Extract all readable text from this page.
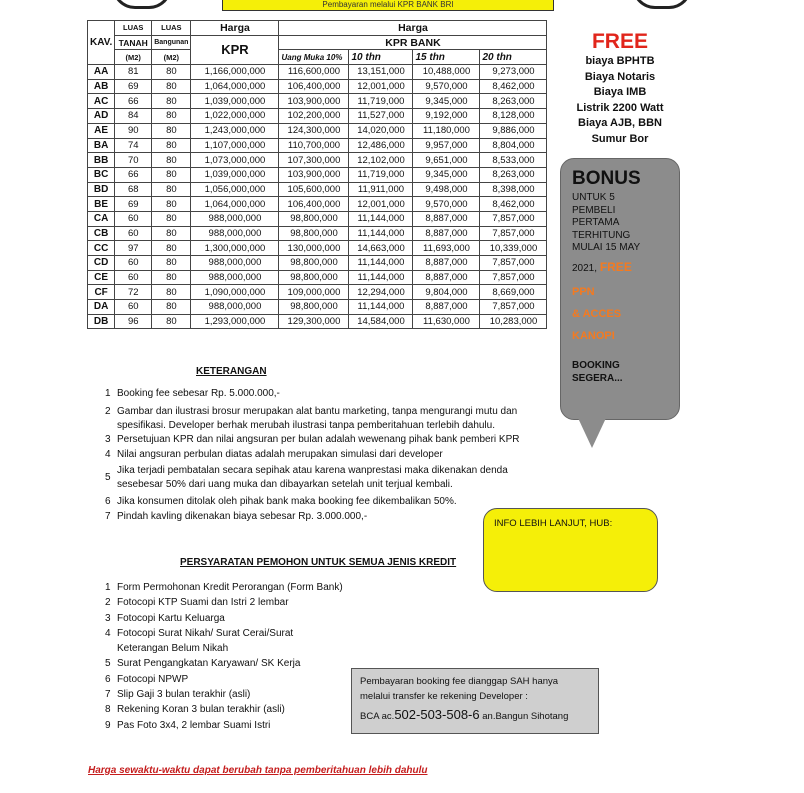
Pembayaran melalui KPR BANK BRI
KAV.	LUAS	LUAS	Harga	Harga			
	TANAH	Bangunan	KPR	KPR BANK			
	(M2)	(M2)		Uang Muka 10%	10 thn	15 thn	20 thn
AA	81	80	1,166,000,000	116,600,000	13,151,000	10,488,000	9,273,000
AB	69	80	1,064,000,000	106,400,000	12,001,000	9,570,000	8,462,000
AC	66	80	1,039,000,000	103,900,000	11,719,000	9,345,000	8,263,000
AD	84	80	1,022,000,000	102,200,000	11,527,000	9,192,000	8,128,000
AE	90	80	1,243,000,000	124,300,000	14,020,000	11,180,000	9,886,000
BA	74	80	1,107,000,000	110,700,000	12,486,000	9,957,000	8,804,000
BB	70	80	1,073,000,000	107,300,000	12,102,000	9,651,000	8,533,000
BC	66	80	1,039,000,000	103,900,000	11,719,000	9,345,000	8,263,000
BD	68	80	1,056,000,000	105,600,000	11,911,000	9,498,000	8,398,000
BE	69	80	1,064,000,000	106,400,000	12,001,000	9,570,000	8,462,000
CA	60	80	988,000,000	98,800,000	11,144,000	8,887,000	7,857,000
CB	60	80	988,000,000	98,800,000	11,144,000	8,887,000	7,857,000
CC	97	80	1,300,000,000	130,000,000	14,663,000	11,693,000	10,339,000
CD	60	80	988,000,000	98,800,000	11,144,000	8,887,000	7,857,000
CE	60	80	988,000,000	98,800,000	11,144,000	8,887,000	7,857,000
CF	72	80	1,090,000,000	109,000,000	12,294,000	9,804,000	8,669,000
DA	60	80	988,000,000	98,800,000	11,144,000	8,887,000	7,857,000
DB	96	80	1,293,000,000	129,300,000	14,584,000	11,630,000	10,283,000
FREE
biaya BPHTB
Biaya Notaris
Biaya IMB
Listrik 2200 Watt
Biaya AJB, BBN
Sumur Bor
BONUS
UNTUK 5
PEMBELI
PERTAMA
TERHITUNG
MULAI 15 MAY
2021, FREE
PPN
& ACCES
KANOPI
BOOKING
SEGERA...
KETERANGAN
1 Booking fee sebesar Rp. 5.000.000,-
2 Gambar dan ilustrasi brosur merupakan alat bantu marketing, tanpa mengurangi mutu dan spesifikasi. Developer berhak merubah ilustrasi tanpa pemberitahuan terlebih dahulu.
3 Persetujuan KPR dan nilai angsuran per bulan adalah wewenang pihak bank pemberi KPR
4 Nilai angsuran perbulan diatas adalah merupakan simulasi dari developer
5
Jika terjadi pembatalan secara sepihak atau karena wanprestasi maka dikenakan denda sesebesar 50% dari uang muka dan dibayarkan setelah unit terjual kembali.
6 Jika konsumen ditolak oleh pihak bank maka booking fee dikembalikan 50%.
7 Pindah kavling dikenakan biaya sebesar Rp. 3.000.000,-
INFO LEBIH LANJUT, HUB:
PERSYARATAN PEMOHON UNTUK SEMUA JENIS KREDIT
1 Form Permohonan Kredit Perorangan (Form Bank)
2 Fotocopi KTP Suami dan Istri 2 lembar
3 Fotocopi Kartu Keluarga
4 Fotocopi Surat Nikah/ Surat Cerai/Surat Keterangan Belum Nikah
5 Surat Pengangkatan Karyawan/ SK Kerja
6 Fotocopi NPWP
7 Slip Gaji 3 bulan terakhir (asli)
8 Rekening Koran 3 bulan terakhir (asli)
9 Pas Foto 3x4, 2 lembar Suami Istri
Pembayaran booking fee dianggap SAH hanya
melalui transfer ke rekening Developer :
BCA ac.502-503-508-6 an.Bangun Sihotang
Harga sewaktu-waktu dapat berubah tanpa pemberitahuan lebih dahulu
